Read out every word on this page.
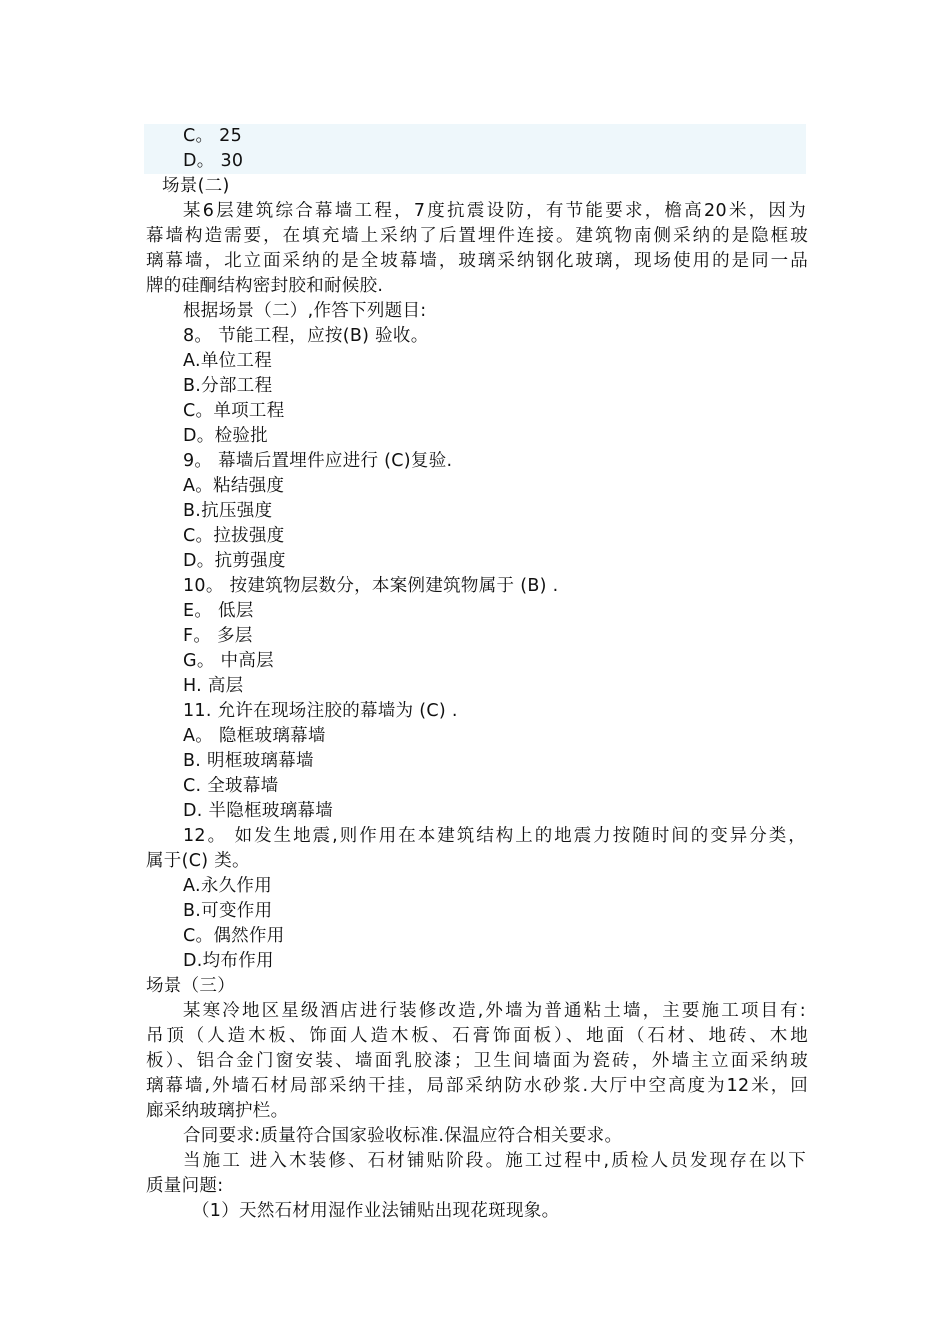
C。 25
D。 30
场景(二)
某6层建筑综合幕墙工程，7度抗震设防，有节能要求，檐高20米，因为
幕墙构造需要，在填充墙上采纳了后置埋件连接。建筑物南侧采纳的是隐框玻
璃幕墙，北立面采纳的是全坡幕墙，玻璃采纳钢化玻璃，现场使用的是同一品
牌的硅酮结构密封胶和耐候胶.
根据场景（二）,作答下列题目:
8。 节能工程，应按(B) 验收。
A.单位工程
B.分部工程
C。单项工程
D。检验批
9。 幕墙后置埋件应进行 (C)复验.
A。粘结强度
B.抗压强度
C。拉拔强度
D。抗剪强度
10。 按建筑物层数分，本案例建筑物属于 (B) .
E。 低层
F。 多层
G。 中高层
H. 高层
11. 允许在现场注胶的幕墙为 (C) .
A。 隐框玻璃幕墙
B. 明框玻璃幕墙
C. 全玻幕墙
D. 半隐框玻璃幕墙
12。 如发生地震,则作用在本建筑结构上的地震力按随时间的变异分类，
属于(C) 类。
A.永久作用
B.可变作用
C。偶然作用
D.均布作用
场景（三）
某寒冷地区星级酒店进行装修改造,外墙为普通粘土墙，主要施工项目有:
吊顶（人造木板、饰面人造木板、石膏饰面板）、地面（石材、地砖、木地
板）、铝合金门窗安装、墙面乳胶漆；卫生间墙面为瓷砖，外墙主立面采纳玻
璃幕墙,外墙石材局部采纳干挂，局部采纳防水砂浆.大厅中空高度为12米，回
廊采纳玻璃护栏。
合同要求:质量符合国家验收标准.保温应符合相关要求。
当施工 进入木装修、石材铺贴阶段。施工过程中,质检人员发现存在以下
质量问题:
（1）天然石材用湿作业法铺贴出现花斑现象。
